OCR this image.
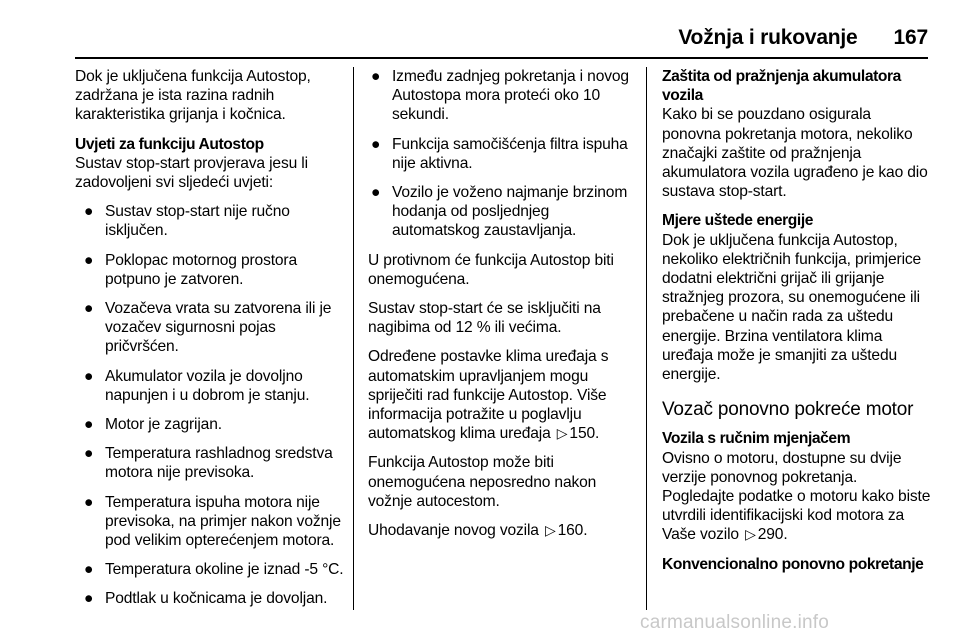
Vožnja i rukovanje 167

Dok je uključena funkcija Autostop, zadržana je ista razina radnih karakteristika grijanja i kočnica.

Uvjeti za funkciju Autostop

Sustav stop-start provjerava jesu li zadovoljeni svi sljedeći uvjeti:

● Sustav stop-start nije ručno isključen.
● Poklopac motornog prostora potpuno je zatvoren.
● Vozačeva vrata su zatvorena ili je vozačev sigurnosni pojas pričvršćen.
● Akumulator vozila je dovoljno napunjen i u dobrom je stanju.
● Motor je zagrijan.
● Temperatura rashladnog sredstva motora nije previsoka.
● Temperatura ispuha motora nije previsoka, na primjer nakon vožnje pod velikim opterećenjem motora.
● Temperatura okoline je iznad -5 °C.
● Podtlak u kočnicama je dovoljan.
● Između zadnjeg pokretanja i novog Autostopa mora proteći oko 10 sekundi.
● Funkcija samočišćenja filtra ispuha nije aktivna.
● Vozilo je voženo najmanje brzinom hodanja od posljednjeg automatskog zaustavljanja.

U protivnom će funkcija Autostop biti onemogućena.

Sustav stop-start će se isključiti na nagibima od 12 % ili većima.

Određene postavke klima uređaja s automatskim upravljanjem mogu spriječiti rad funkcije Autostop. Više informacija potražite u poglavlju automatskog klima uređaja ▷ 150.

Funkcija Autostop može biti onemogućena neposredno nakon vožnje autocestom.

Uhodavanje novog vozila ▷ 160.

Zaštita od pražnjenja akumulatora vozila

Kako bi se pouzdano osigurala ponovna pokretanja motora, nekoliko značajki zaštite od pražnjenja akumulatora vozila ugrađeno je kao dio sustava stop-start.

Mjere uštede energije

Dok je uključena funkcija Autostop, nekoliko električnih funkcija, primjerice dodatni električni grijač ili grijanje stražnjeg prozora, su onemogućene ili prebačene u način rada za uštedu energije. Brzina ventilatora klima uređaja može je smanjiti za uštedu energije.

Vozač ponovno pokreće motor
Vozila s ručnim mjenjačem

Ovisno o motoru, dostupne su dvije verzije ponovnog pokretanja. Pogledajte podatke o motoru kako biste utvrdili identifikacijski kod motora za Vaše vozilo ▷ 290.

Konvencionalno ponovno pokretanje
carmanualsonline.info
